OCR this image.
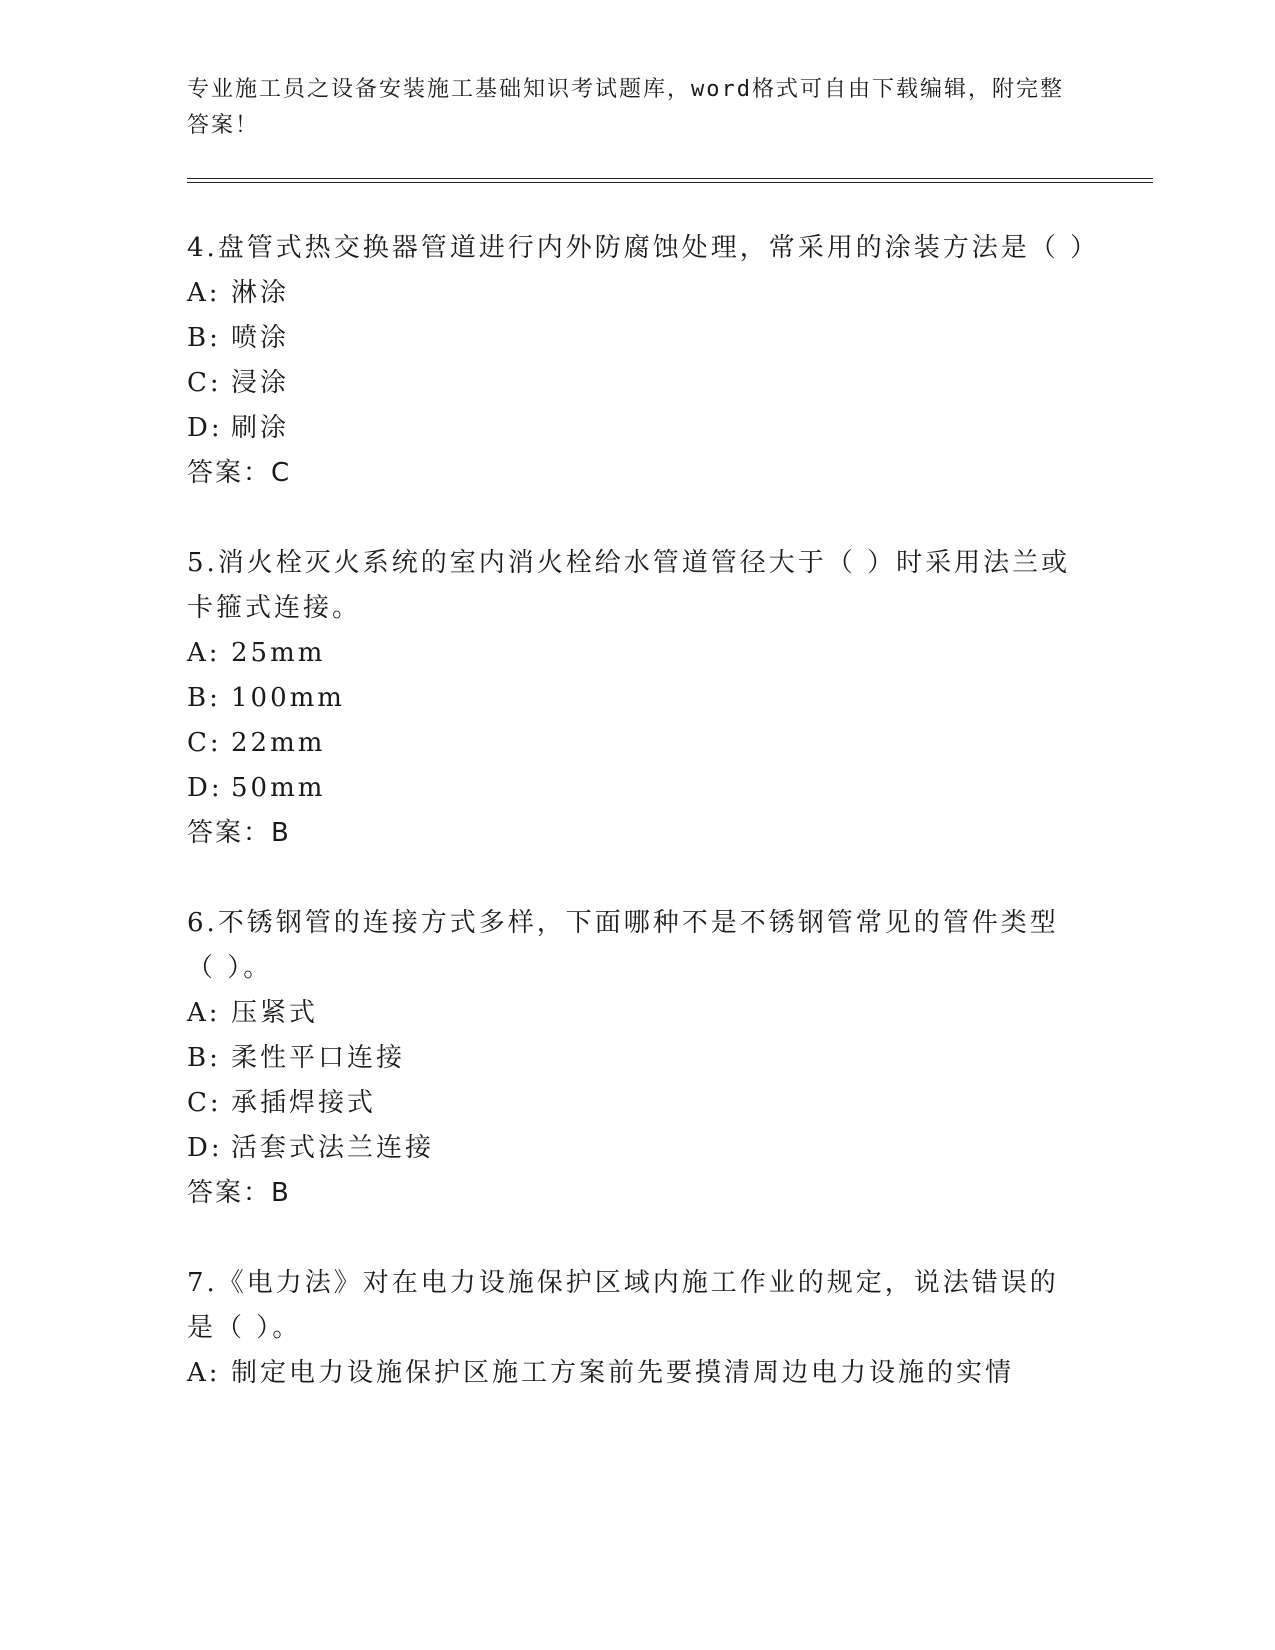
专业施工员之设备安装施工基础知识考试题库，word格式可自由下载编辑，附完整答案！
4.盘管式热交换器管道进行内外防腐蚀处理，常采用的涂装方法是（ ）
A: 淋涂
B: 喷涂
C: 浸涂
D: 刷涂
答案：C
5.消火栓灭火系统的室内消火栓给水管道管径大于（ ）时采用法兰或卡箍式连接。
A: 25mm
B: 100mm
C: 22mm
D: 50mm
答案：B
6.不锈钢管的连接方式多样，下面哪种不是不锈钢管常见的管件类型（ ）。
A: 压紧式
B: 柔性平口连接
C: 承插焊接式
D: 活套式法兰连接
答案：B
7.《电力法》对在电力设施保护区域内施工作业的规定，说法错误的是（ ）。
A: 制定电力设施保护区施工方案前先要摸清周边电力设施的实情
